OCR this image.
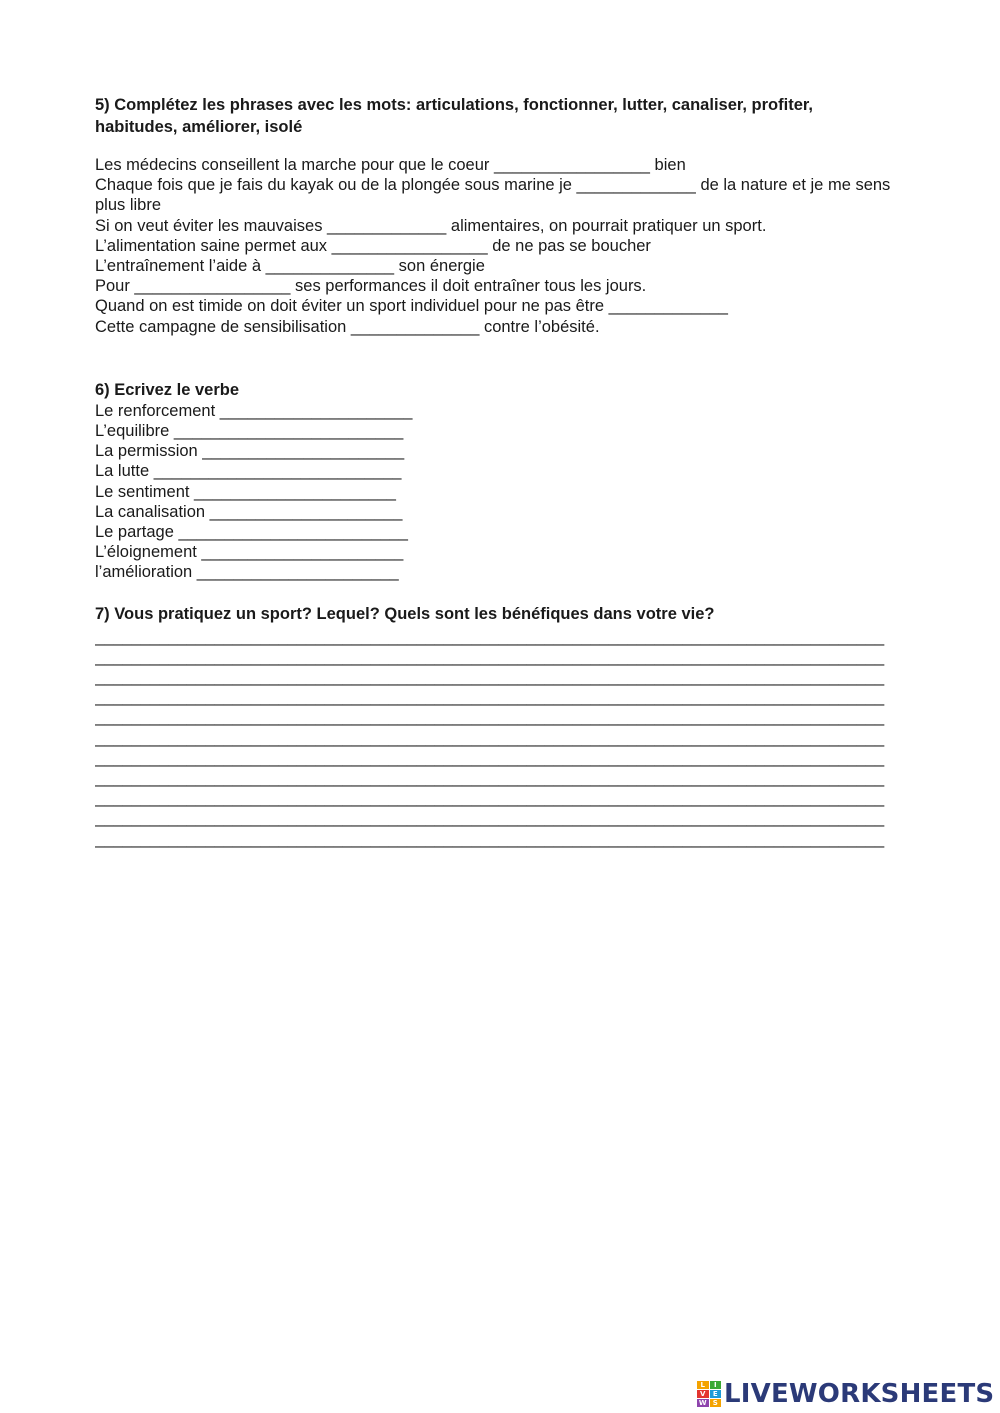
5) Complétez les phrases avec les mots: articulations, fonctionner, lutter, canaliser, profiter, habitudes, améliorer, isolé

Les médecins conseillent la marche pour que le coeur _________________ bien
Chaque fois que je fais du kayak ou de la plongée sous marine je _____________ de la nature et je me sens plus libre
Si on veut éviter les mauvaises _____________ alimentaires, on pourrait pratiquer un sport.
L’alimentation saine permet aux _________________ de ne pas se boucher
L’entraînement l’aide à ______________ son énergie
Pour _________________ ses performances il doit entraîner tous les jours.
Quand on est timide on doit éviter un sport individuel pour ne pas être _____________
Cette campagne de sensibilisation ______________ contre l’obésité.

6) Ecrivez le verbe

Le renforcement _____________________
L’equilibre _________________________
La permission ______________________
La lutte ___________________________
Le sentiment ______________________
La canalisation _____________________
Le partage _________________________
L’éloignement ______________________
l’amélioration ______________________

7) Vous pratiquez un sport? Lequel? Quels sont les bénéfiques dans votre vie?

______________________________________________________________________________________
______________________________________________________________________________________
______________________________________________________________________________________
______________________________________________________________________________________
______________________________________________________________________________________
______________________________________________________________________________________
______________________________________________________________________________________
______________________________________________________________________________________
______________________________________________________________________________________
______________________________________________________________________________________
______________________________________________________________________________________
L	I
V	E
W S LIVEWORKSHEETS
